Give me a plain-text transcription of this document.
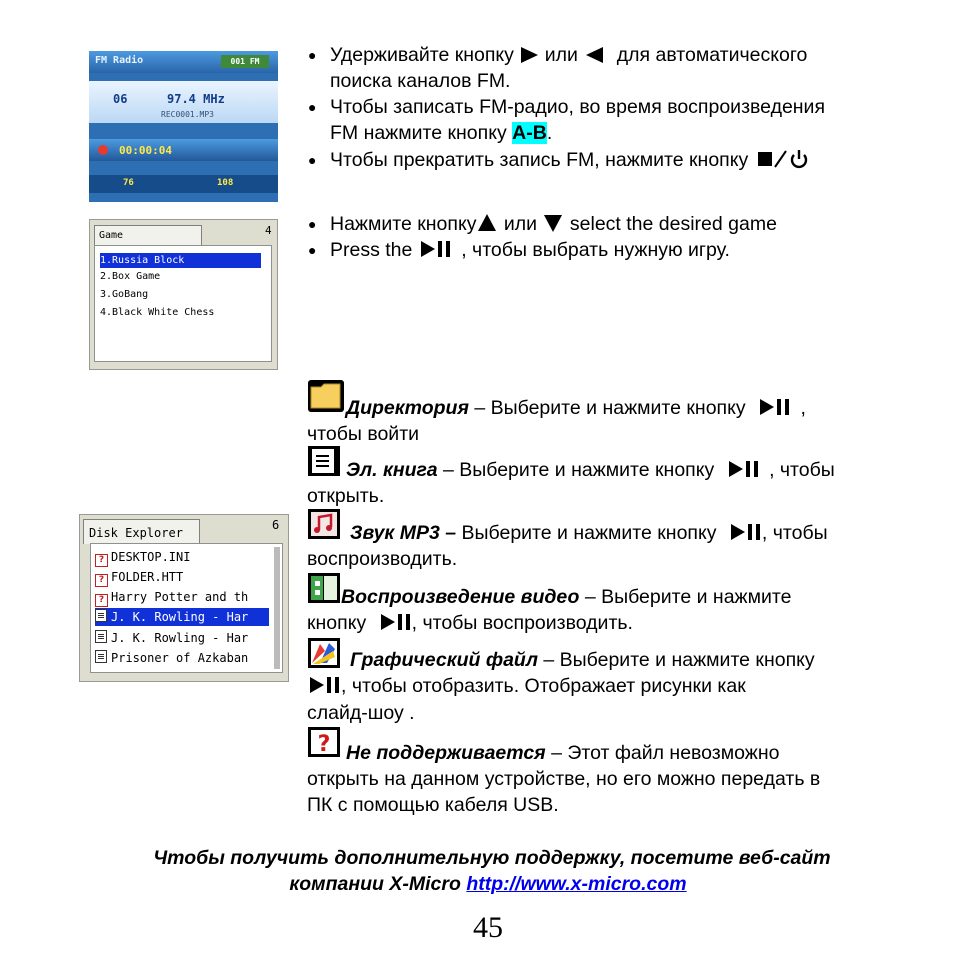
FM Radio	001 FM
06	97.4 MHz
REC0001.MP3
00:00:04
76	108
● Удерживайте кнопку или для автоматического
поиска каналов FM.
● Чтобы записать FM-радио, во время воспроизведения
FM нажмите кнопку A-B.
● Чтобы прекратить запись FM, нажмите кнопку
Game	4
1.Russia Block
2.Box Game
3.GoBang
4.Black White Chess
● Нажмите кнопку или select the desired game
● Press the	, чтобы выбрать нужную игру.
Disk Explorer
6
? DESKTOP.INI
? FOLDER.HTT
? Harry Potter and th
J. K. Rowling - Har
J. K. Rowling - Har
Prisoner of Azkaban
Директория – Выберите и нажмите кнопку	,
чтобы войти
Эл. книга – Выберите и нажмите кнопку	, чтобы
открыть.
Звук MP3 – Выберите и нажмите кнопку , чтобы
воспроизводить.
Воспроизведение видео – Выберите и нажмите
кнопку , чтобы воспроизводить.
Графический файл – Выберите и нажмите кнопку
, чтобы отобразить. Отображает рисунки как
слайд-шоу .
? Не поддерживается – Этот файл невозможно
открыть на данном устройстве, но его можно передать в
ПК с помощью кабеля USB.
Чтобы получить дополнительную поддержку, посетите веб-сайт
компании X-Micro http://www.x-micro.com
45
